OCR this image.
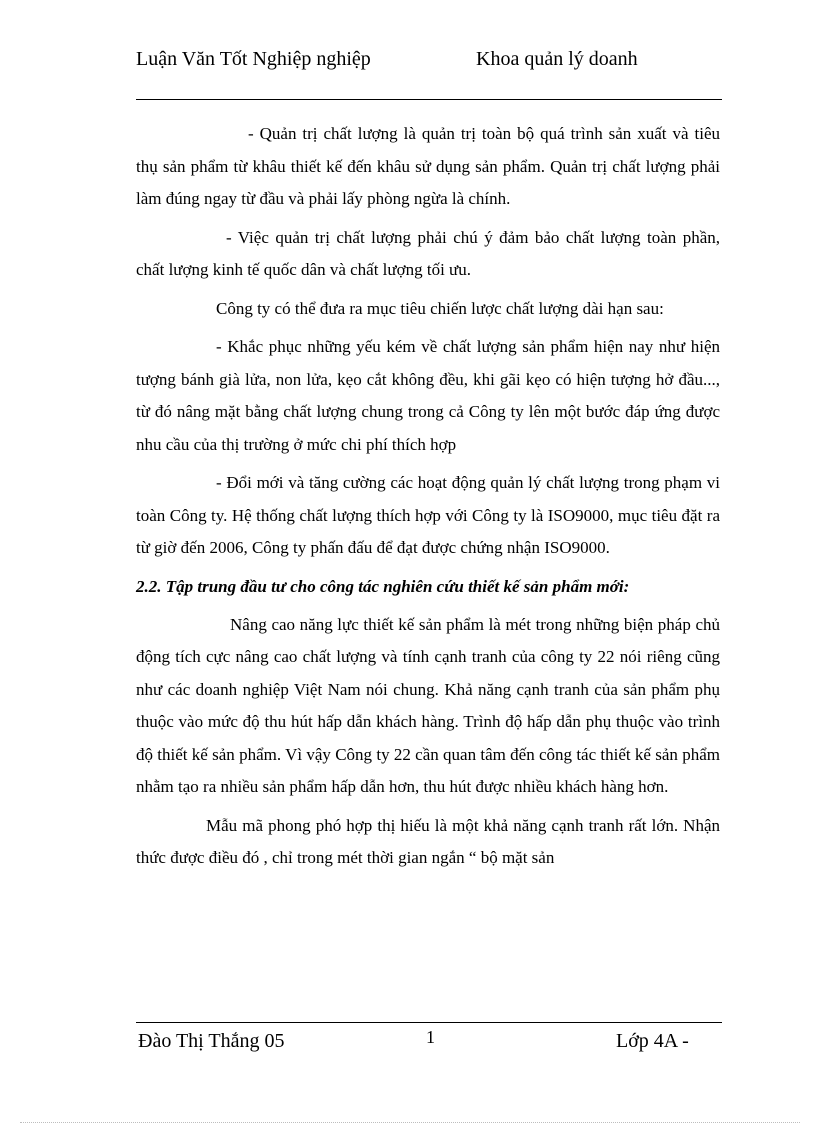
Luận Văn Tốt Nghiệp nghiệp	Khoa quản lý doanh

- Quản trị chất lượng là quản trị toàn bộ quá trình sản xuất và tiêu thụ sản phẩm từ khâu thiết kế đến khâu sử dụng sản phẩm. Quản trị chất lượng phải làm đúng ngay từ đầu và phải lấy phòng ngừa là chính.

- Việc quản trị chất lượng phải chú ý đảm bảo chất lượng toàn phần, chất lượng kinh tế quốc dân và chất lượng tối ưu.

Công ty có thể đưa ra mục tiêu chiến lược chất lượng dài hạn sau:

- Khắc phục những yếu kém về chất lượng sản phẩm hiện nay như hiện tượng bánh già lửa, non lửa, kẹo cắt không đều, khi gãi kẹo có hiện tượng hở đầu..., từ đó nâng mặt bằng chất lượng chung trong cả Công ty lên một bước đáp ứng được nhu cầu của thị trường ở mức chi phí thích hợp

- Đổi mới và tăng cường các hoạt động quản lý chất lượng trong phạm vi toàn Công ty. Hệ thống chất lượng thích hợp với Công ty là ISO9000, mục tiêu đặt ra từ giờ đến 2006, Công ty phấn đấu để đạt được chứng nhận ISO9000.

2.2. Tập trung đầu tư cho công tác nghiên cứu thiết kế sản phẩm mới:

Nâng cao năng lực thiết kế sản phẩm là mét trong những biện pháp chủ động tích cực nâng cao chất lượng và tính cạnh tranh của công ty 22 nói riêng cũng như các doanh nghiệp Việt Nam nói chung. Khả năng cạnh tranh của sản phẩm phụ thuộc vào mức độ thu hút hấp dẫn khách hàng. Trình độ hấp dẫn phụ thuộc vào trình độ thiết kế sản phẩm. Vì vậy Công ty 22 cần quan tâm đến công tác thiết kế sản phẩm nhằm tạo ra nhiều sản phẩm hấp dẫn hơn, thu hút được nhiều khách hàng hơn.

Mẫu mã phong phó hợp thị hiếu là một khả năng cạnh tranh rất lớn. Nhận thức được điều đó , chỉ trong mét thời gian ngắn “ bộ mặt sản

Đào Thị Thắng 05	1	Lớp 4A -
